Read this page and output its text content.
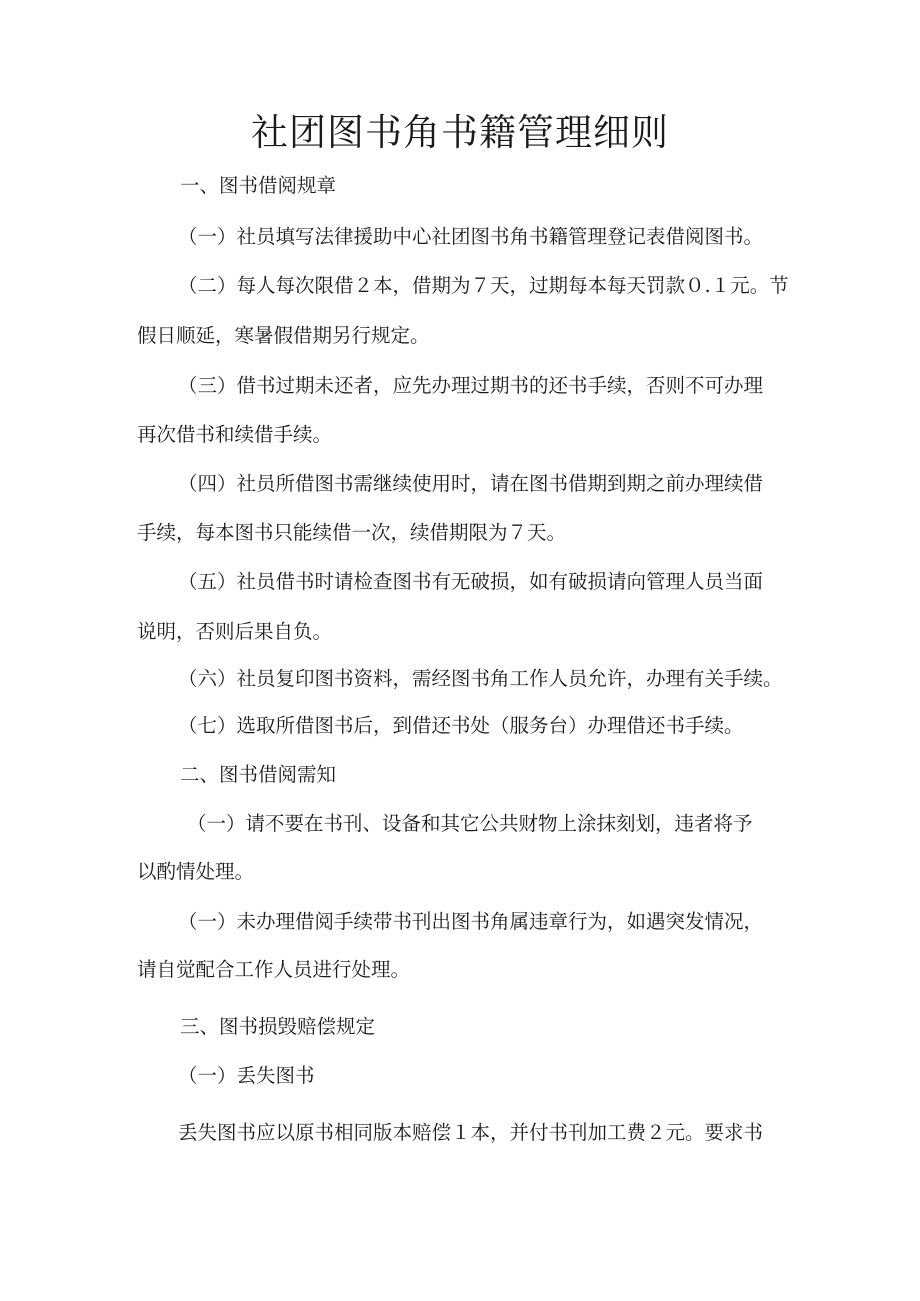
社团图书角书籍管理细则

一、图书借阅规章

（一）社员填写法律援助中心社团图书角书籍管理登记表借阅图书。

（二）每人每次限借２本，借期为７天，过期每本每天罚款０.１元。节

假日顺延，寒暑假借期另行规定。

（三）借书过期未还者，应先办理过期书的还书手续，否则不可办理

再次借书和续借手续。

（四）社员所借图书需继续使用时，请在图书借期到期之前办理续借

手续，每本图书只能续借一次，续借期限为７天。

（五）社员借书时请检查图书有无破损，如有破损请向管理人员当面

说明，否则后果自负。

（六）社员复印图书资料，需经图书角工作人员允许，办理有关手续。

（七）选取所借图书后，到借还书处（服务台）办理借还书手续。

二、图书借阅需知

（一）请不要在书刊、设备和其它公共财物上涂抹刻划，违者将予

以酌情处理。

（一）未办理借阅手续带书刊出图书角属违章行为，如遇突发情况，

请自觉配合工作人员进行处理。

三、图书损毁赔偿规定

（一）丢失图书

丢失图书应以原书相同版本赔偿１本，并付书刊加工费２元。要求书
